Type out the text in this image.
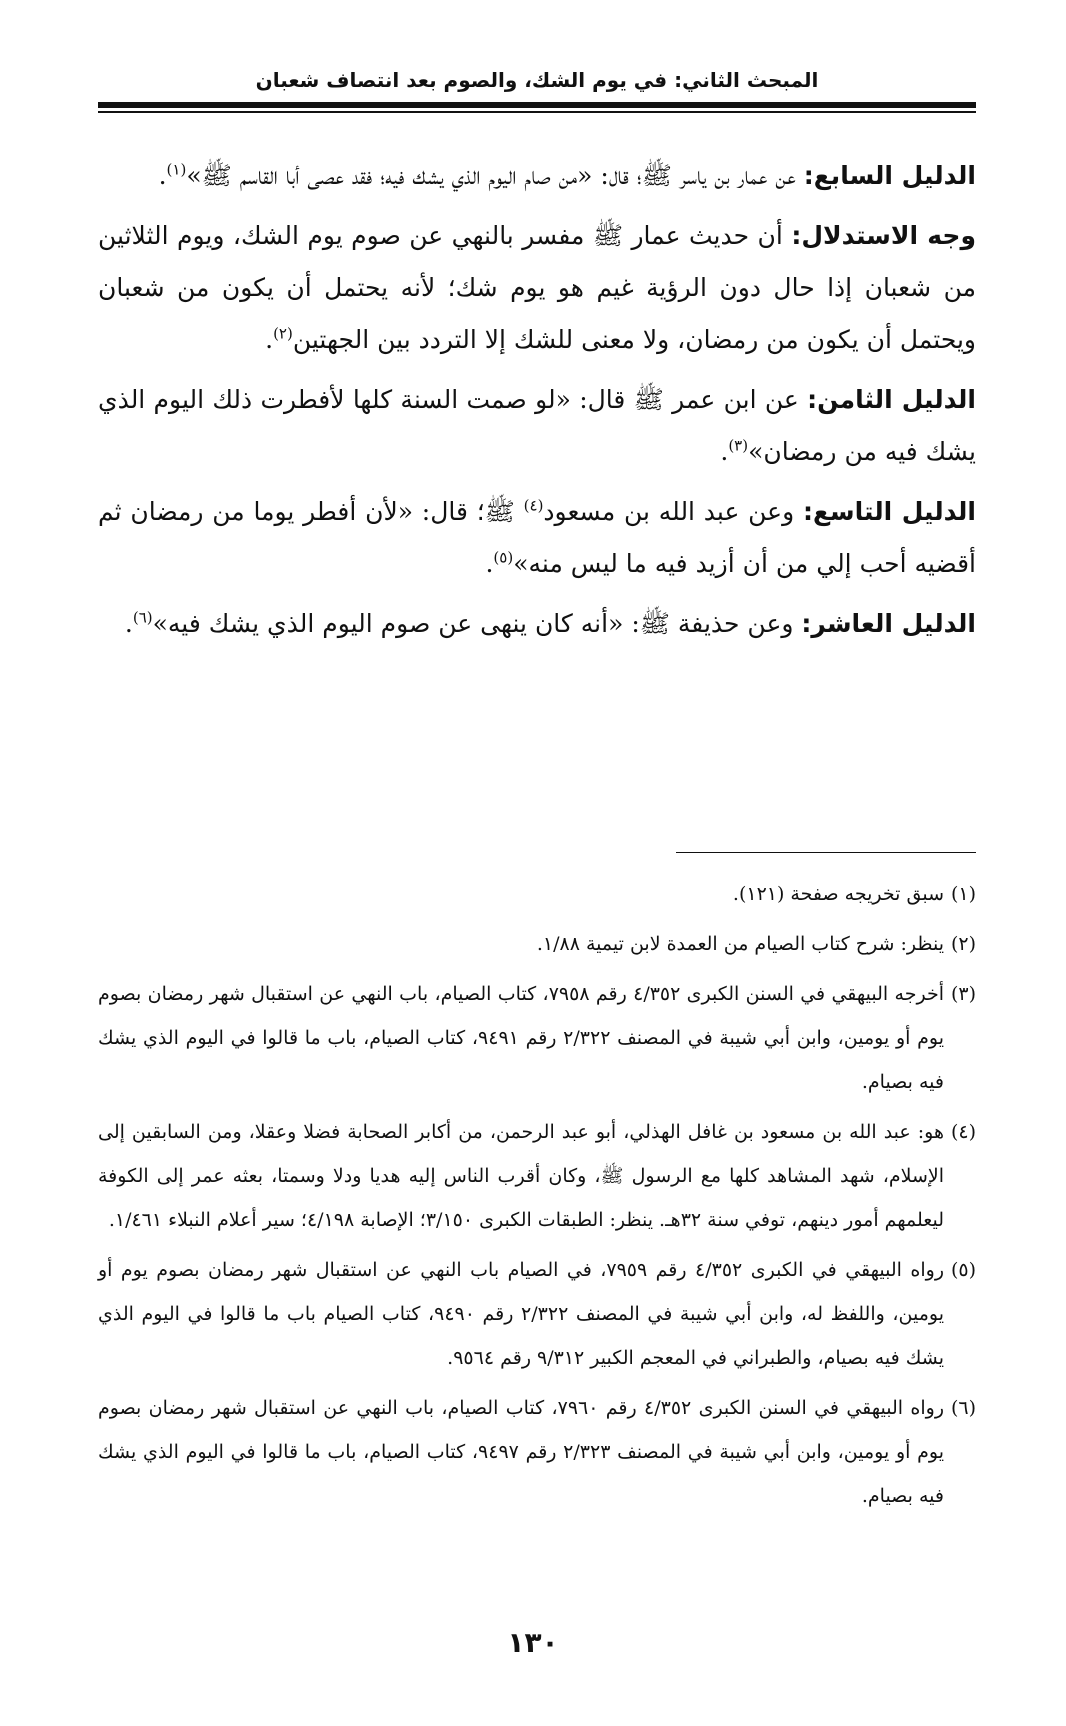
المبحث الثاني: في يوم الشك، والصوم بعد انتصاف شعبان

الدليل السابع: عن عمار بن ياسر ﷺ؛ قال: «من صام اليوم الذي يشك فيه؛ فقد عصى أبا القاسم ﷺ»$^{(١)}$.

وجه الاستدلال: أن حديث عمار ﷺ مفسر بالنهي عن صوم يوم الشك، ويوم الثلاثين من شعبان إذا حال دون الرؤية غيم هو يوم شك؛ لأنه يحتمل أن يكون من شعبان ويحتمل أن يكون من رمضان، ولا معنى للشك إلا التردد بين الجهتين$^{(٢)}$.

الدليل الثامن: عن ابن عمر ﷺ قال: «لو صمت السنة كلها لأفطرت ذلك اليوم الذي يشك فيه من رمضان»$^{(٣)}$.

الدليل التاسع: وعن عبد الله بن مسعود$^{(٤)}$ ﷺ؛ قال: «لأن أفطر يوما من رمضان ثم أقضيه أحب إلي من أن أزيد فيه ما ليس منه»$^{(٥)}$.

الدليل العاشر: وعن حذيفة ﷺ: «أنه كان ينهى عن صوم اليوم الذي يشك فيه»$^{(٦)}$.

(١)سبق تخريجه صفحة (١٢١).

(٢)ينظر: شرح كتاب الصيام من العمدة لابن تيمية ١/٨٨.

(٣)أخرجه البيهقي في السنن الكبرى ٤/٣٥٢ رقم ٧٩٥٨، كتاب الصيام، باب النهي عن استقبال شهر رمضان بصوم يوم أو يومين، وابن أبي شيبة في المصنف ٢/٣٢٢ رقم ٩٤٩١، كتاب الصيام، باب ما قالوا في اليوم الذي يشك فيه بصيام.

(٤)هو: عبد الله بن مسعود بن غافل الهذلي، أبو عبد الرحمن، من أكابر الصحابة فضلا وعقلا، ومن السابقين إلى الإسلام، شهد المشاهد كلها مع الرسول ﷺ، وكان أقرب الناس إليه هديا ودلا وسمتا، بعثه عمر إلى الكوفة ليعلمهم أمور دينهم، توفي سنة ٣٢هـ. ينظر: الطبقات الكبرى ٣/١٥٠؛ الإصابة ٤/١٩٨؛ سير أعلام النبلاء ١/٤٦١.

(٥)رواه البيهقي في الكبرى ٤/٣٥٢ رقم ٧٩٥٩، في الصيام باب النهي عن استقبال شهر رمضان بصوم يوم أو يومين، واللفظ له، وابن أبي شيبة في المصنف ٢/٣٢٢ رقم ٩٤٩٠، كتاب الصيام باب ما قالوا في اليوم الذي يشك فيه بصيام، والطبراني في المعجم الكبير ٩/٣١٢ رقم ٩٥٦٤.

(٦)رواه البيهقي في السنن الكبرى ٤/٣٥٢ رقم ٧٩٦٠، كتاب الصيام، باب النهي عن استقبال شهر رمضان بصوم يوم أو يومين، وابن أبي شيبة في المصنف ٢/٣٢٣ رقم ٩٤٩٧، كتاب الصيام، باب ما قالوا في اليوم الذي يشك فيه بصيام.

١٣٠
